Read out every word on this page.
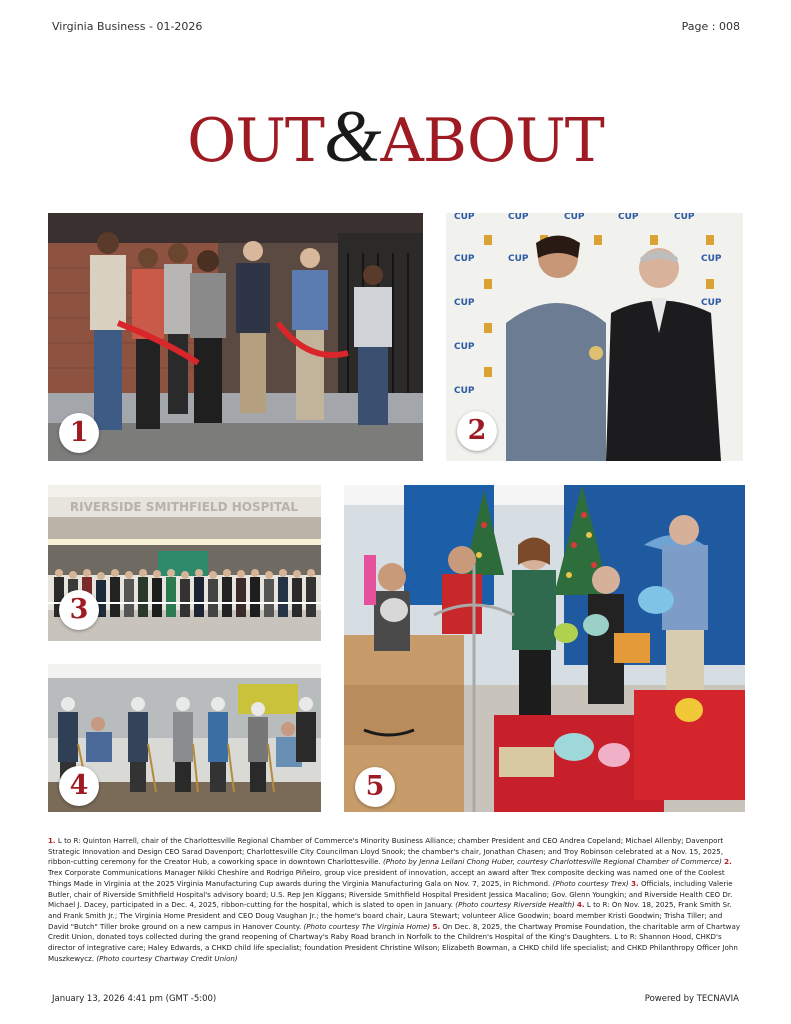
Virginia Business - 01-2026	Page : 008
OUT&ABOUT
1
CUP	CUP	CUP	CUP	CUP
CUP	CUP	CUP
CUP	CUP
CUP
CUP
2
RIVERSIDE SMITHFIELD HOSPITAL
3
4	5
1. L to R: Quinton Harrell, chair of the Charlottesville Regional Chamber of Commerce's Minority Business Alliance; chamber President and CEO Andrea Copeland; Michael Allenby; Davenport Strategic Innovation and Design CEO Sarad Davenport; Charlottesville City Councilman Lloyd Snook; the chamber's chair, Jonathan Chasen; and Troy Robinson celebrated at a Nov. 15, 2025, ribbon-cutting ceremony for the Creator Hub, a coworking space in downtown Charlottesville. (Photo by Jenna Leilani Chong Huber, courtesy Charlottesville Regional Chamber of Commerce) 2. Trex Corporate Communications Manager Nikki Cheshire and Rodrigo Piñeiro, group vice president of innovation, accept an award after Trex composite decking was named one of the Coolest Things Made in Virginia at the 2025 Virginia Manufacturing Cup awards during the Virginia Manufacturing Gala on Nov. 7, 2025, in Richmond. (Photo courtesy Trex) 3. Officials, including Valerie Butler, chair of Riverside Smithfield Hospital's advisory board; U.S. Rep Jen Kiggans; Riverside Smithfield Hospital President Jessica Macalino; Gov. Glenn Youngkin; and Riverside Health CEO Dr. Michael J. Dacey, participated in a Dec. 4, 2025, ribbon-cutting for the hospital, which is slated to open in January. (Photo courtesy Riverside Health) 4. L to R: On Nov. 18, 2025, Frank Smith Sr. and Frank Smith Jr.; The Virginia Home President and CEO Doug Vaughan Jr.; the home's board chair, Laura Stewart; volunteer Alice Goodwin; board member Kristi Goodwin; Trisha Tiller; and David "Butch" Tiller broke ground on a new campus in Hanover County. (Photo courtesy The Virginia Home) 5. On Dec. 8, 2025, the Chartway Promise Foundation, the charitable arm of Chartway Credit Union, donated toys collected during the grand reopening of Chartway's Raby Road branch in Norfolk to the Children's Hospital of the King's Daughters. L to R: Shannon Hood, CHKD's director of integrative care; Haley Edwards, a CHKD child life specialist; foundation President Christine Wilson; Elizabeth Bowman, a CHKD child life specialist; and CHKD Philanthropy Officer John Muszkewycz. (Photo courtesy Chartway Credit Union)
January 13, 2026 4:41 pm (GMT -5:00)	Powered by TECNAVIA
